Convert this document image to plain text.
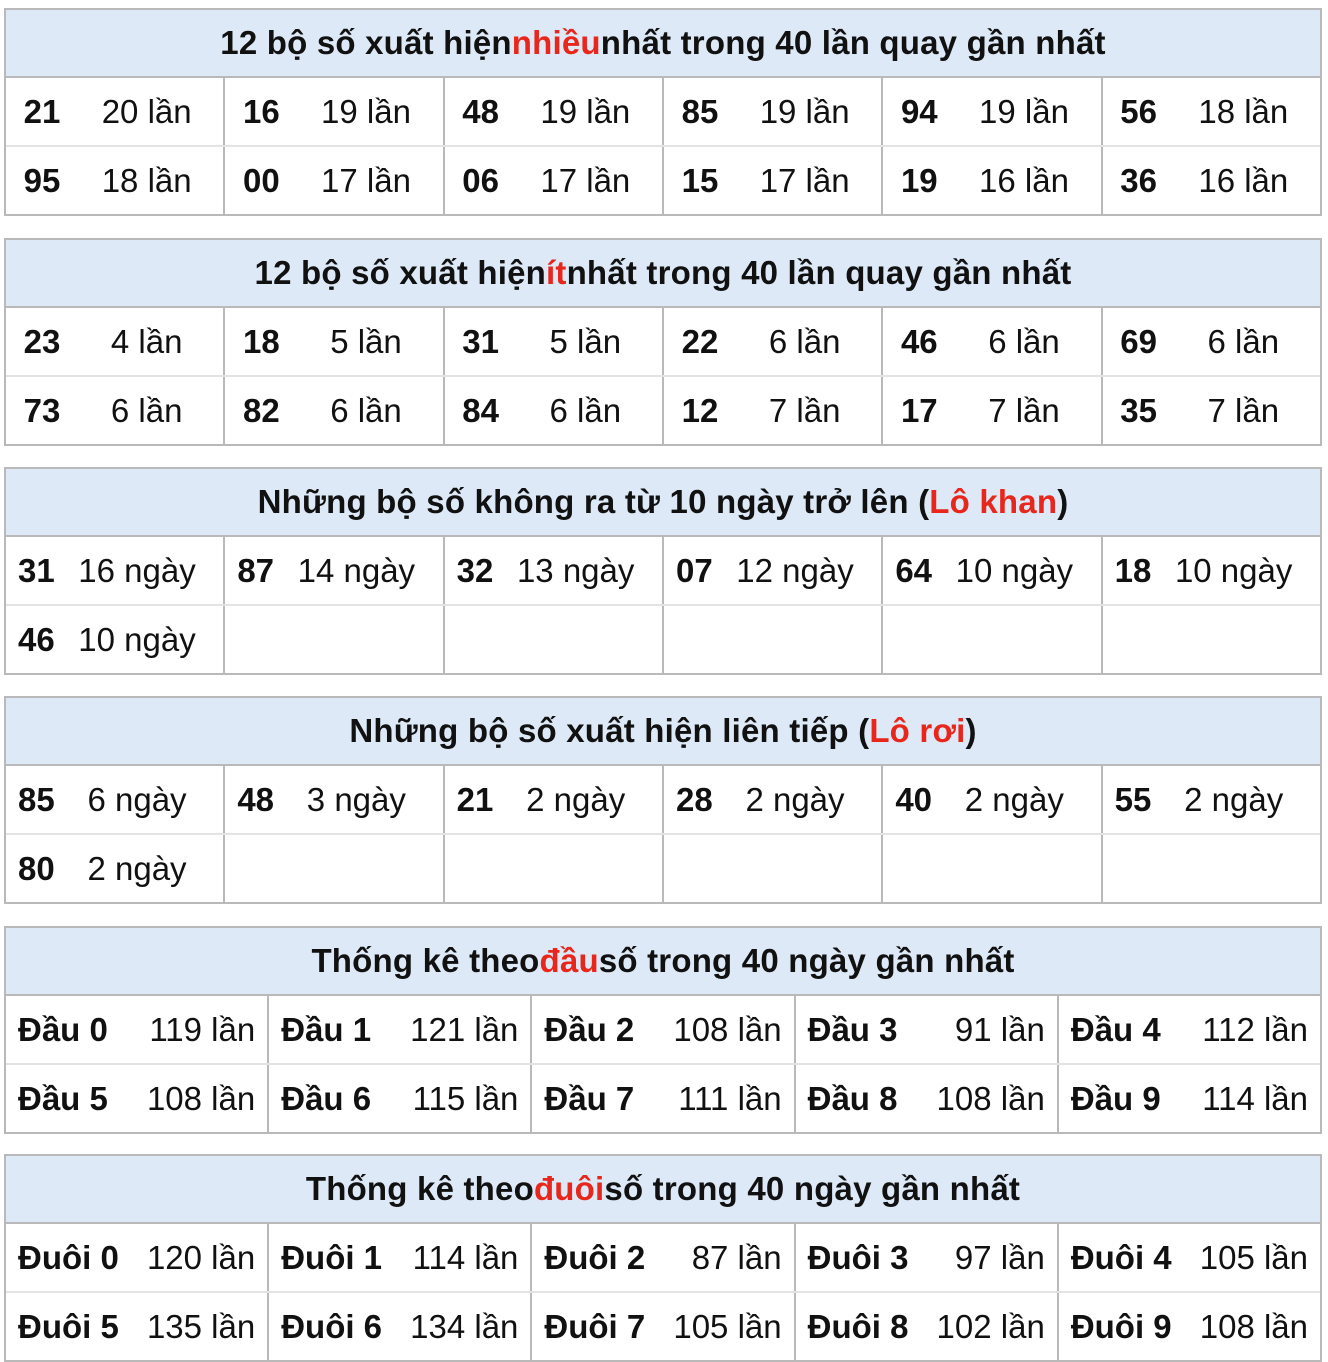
12 bộ số xuất hiện nhiều nhất trong 40 lần quay gần nhất
21	20 lần	16	19 lần	48	19 lần	85	19 lần	94	19 lần	56	18 lần
95	18 lần	00	17 lần	06	17 lần	15	17 lần	19	16 lần	36	16 lần
12 bộ số xuất hiện ít nhất trong 40 lần quay gần nhất
23	4 lần	18	5 lần	31	5 lần	22	6 lần	46	6 lần	69	6 lần
73	6 lần	82	6 lần	84	6 lần	12	7 lần	17	7 lần	35	7 lần
Những bộ số không ra từ 10 ngày trở lên ( Lô khan )
31 16 ngày	87 14 ngày	32 13 ngày	07 12 ngày	64 10 ngày	18 10 ngày
46 10 ngày
Những bộ số xuất hiện liên tiếp ( Lô rơi )
85 6 ngày	48 3 ngày	21 2 ngày	28 2 ngày	40 2 ngày	55 2 ngày
80 2 ngày
Thống kê theo đầu số trong 40 ngày gần nhất
Đầu 0	119 lần Đầu 1	121 lần Đầu 2	108 lần Đầu 3	91 lần Đầu 4	112 lần
Đầu 5	108 lần Đầu 6	115 lần Đầu 7	111 lần Đầu 8	108 lần Đầu 9	114 lần
Thống kê theo đuôi số trong 40 ngày gần nhất
Đuôi 0 120 lần Đuôi 1 114 lần Đuôi 2	87 lần Đuôi 3	97 lần Đuôi 4 105 lần
Đuôi 5 135 lần Đuôi 6 134 lần Đuôi 7 105 lần Đuôi 8 102 lần Đuôi 9 108 lần
